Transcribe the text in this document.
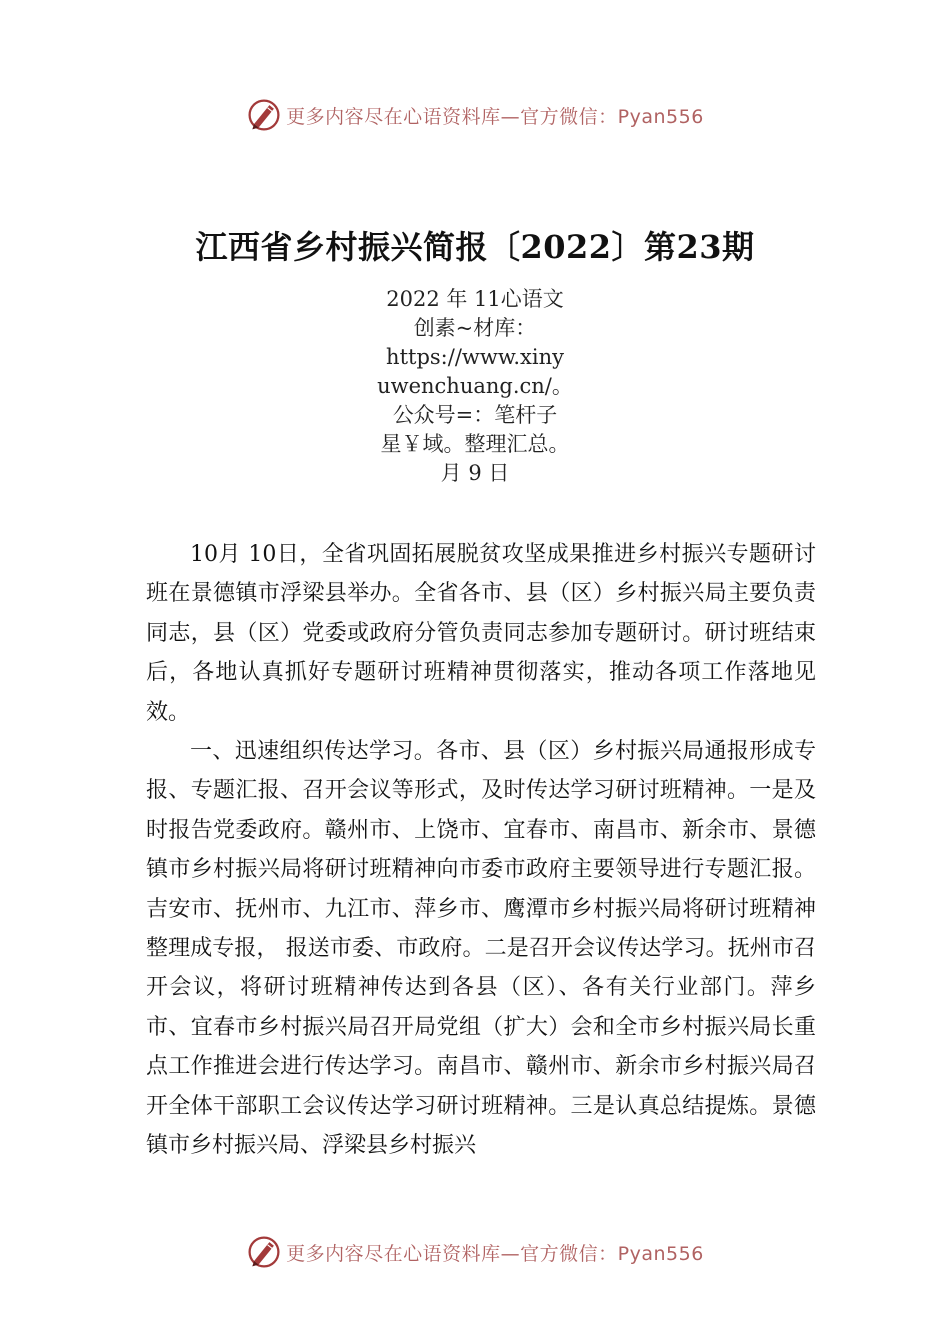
更多内容尽在心语资料库—官方微信：Pyan556
江西省乡村振兴简报〔2022〕第23期
2022 年 11心语文
创素~材库：
https://www.xiny
uwenchuang.cn/。
公众号=：笔杆子
星￥域。整理汇总。
月 9 日

10月 10日，全省巩固拓展脱贫攻坚成果推进乡村振兴专题研讨班在景德镇市浮梁县举办。全省各市、县（区）乡村振兴局主要负责同志，县（区）党委或政府分管负责同志参加专题研讨。研讨班结束后，各地认真抓好专题研讨班精神贯彻落实，推动各项工作落地见效。

一、迅速组织传达学习。各市、县（区）乡村振兴局通报形成专报、专题汇报、召开会议等形式，及时传达学习研讨班精神。一是及时报告党委政府。赣州市、上饶市、宜春市、南昌市、新余市、景德镇市乡村振兴局将研讨班精神向市委市政府主要领导进行专题汇报。吉安市、抚州市、九江市、萍乡市、鹰潭市乡村振兴局将研讨班精神整理成专报， 报送市委、市政府。二是召开会议传达学习。抚州市召开会议，将研讨班精神传达到各县（区）、各有关行业部门。萍乡市、宜春市乡村振兴局召开局党组（扩大）会和全市乡村振兴局长重点工作推进会进行传达学习。南昌市、赣州市、新余市乡村振兴局召开全体干部职工会议传达学习研讨班精神。三是认真总结提炼。景德镇市乡村振兴局、浮梁县乡村振兴

更多内容尽在心语资料库—官方微信：Pyan556
